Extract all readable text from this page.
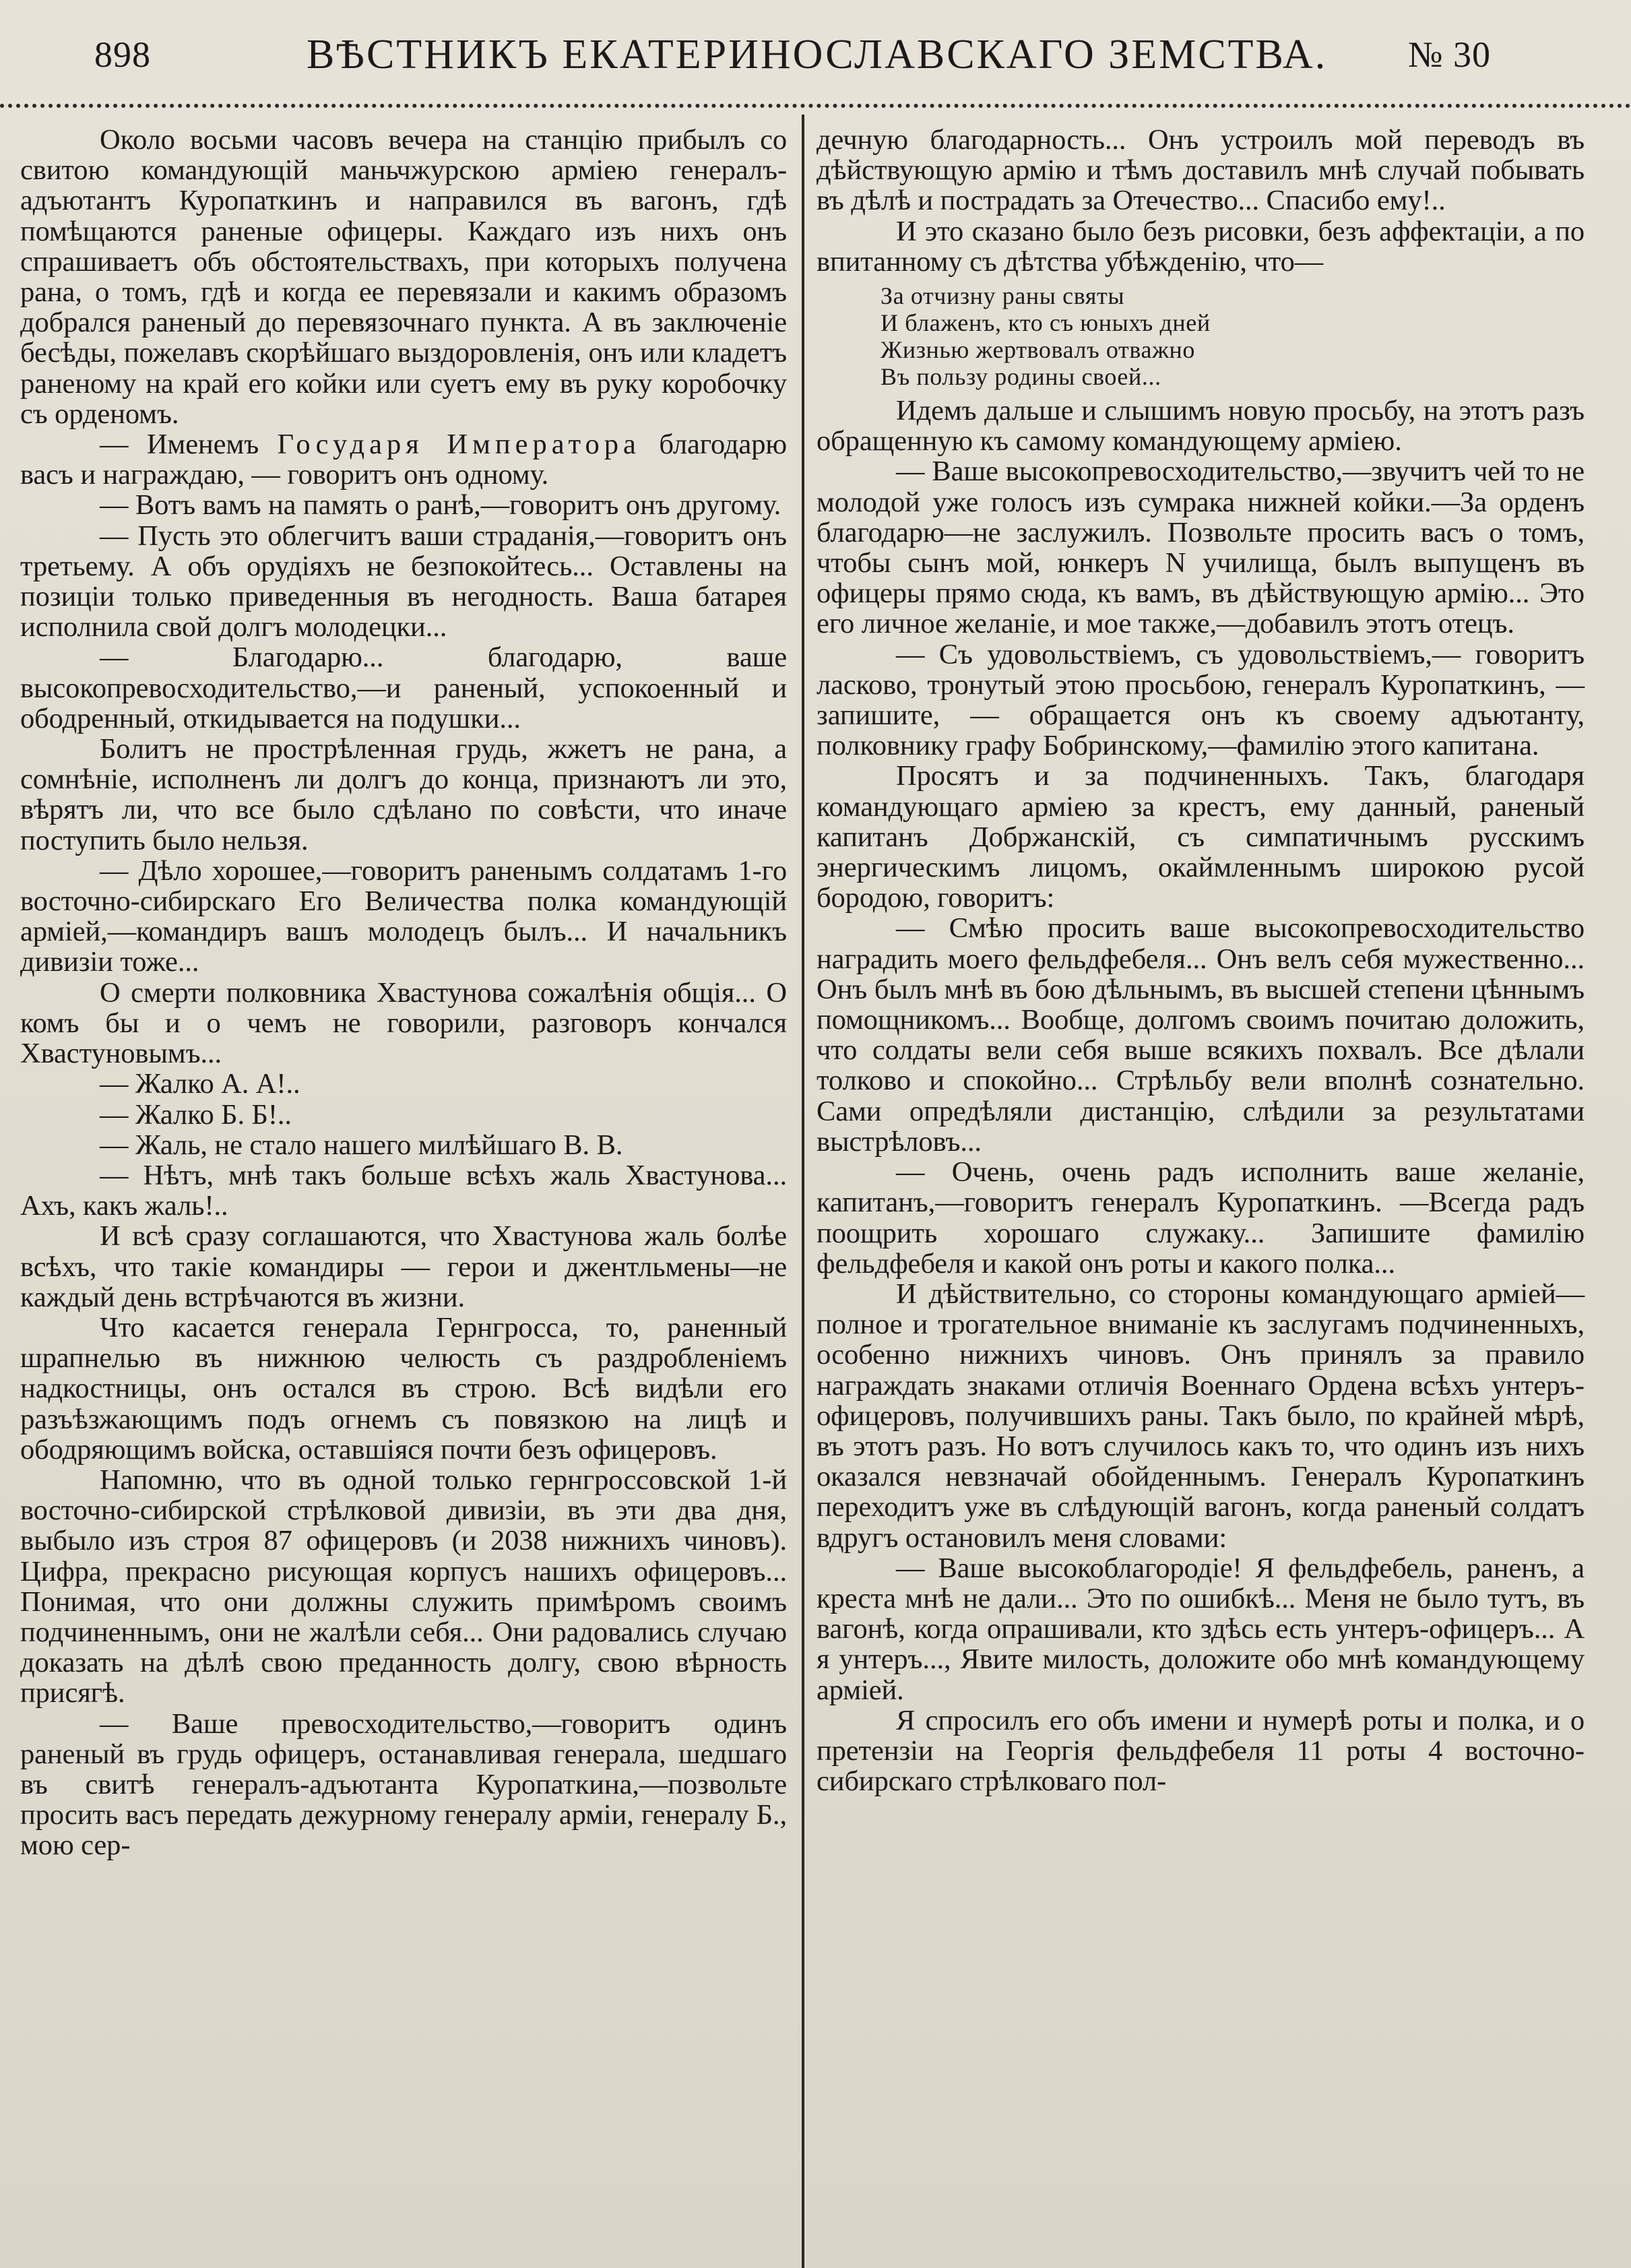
898	ВѢСТНИКЪ ЕКАТЕРИНОСЛАВСКАГО ЗЕМСТВА. № 30

Около восьми часовъ вечера на станцію прибылъ со свитою командующій маньчжурскою арміею генералъ-адъютантъ Куропаткинъ и направился въ вагонъ, гдѣ помѣщаются раненые офицеры. Каждаго изъ нихъ онъ спрашиваетъ объ обстоятельствахъ, при которыхъ получена рана, о томъ, гдѣ и когда ее перевязали и какимъ образомъ добрался раненый до перевязочнаго пункта. А въ заключеніе бесѣды, пожелавъ скорѣйшаго выздоровленія, онъ или кладетъ раненому на край его койки или суетъ ему въ руку коробочку съ орденомъ.

— Именемъ Государя Императора благодарю васъ и награждаю, — говоритъ онъ одному.

— Вотъ вамъ на память о ранѣ,—говоритъ онъ другому.

— Пусть это облегчитъ ваши страданія,—говоритъ онъ третьему. А объ орудіяхъ не безпокойтесь... Оставлены на позиціи только приведенныя въ негодность. Ваша батарея исполнила свой долгъ молодецки...

— Благодарю... благодарю, ваше высокопревосходительство,—и раненый, успокоенный и ободренный, откидывается на подушки...

Болитъ не прострѣленная грудь, жжетъ не рана, а сомнѣніе, исполненъ ли долгъ до конца, признаютъ ли это, вѣрятъ ли, что все было сдѣлано по совѣсти, что иначе поступить было нельзя.

— Дѣло хорошее,—говоритъ раненымъ солдатамъ 1-го восточно-сибирскаго Его Величества полка командующій арміей,—командиръ вашъ молодецъ былъ... И начальникъ дивизіи тоже...

О смерти полковника Хвастунова сожалѣнія общія... О комъ бы и о чемъ не говорили, разговоръ кончался Хвастуновымъ...

— Жалко А. А!..

— Жалко Б. Б!..

— Жаль, не стало нашего милѣйшаго В. В.

— Нѣтъ, мнѣ такъ больше всѣхъ жаль Хвастунова... Ахъ, какъ жаль!..

И всѣ сразу соглашаются, что Хвастунова жаль болѣе всѣхъ, что такіе командиры — герои и джентльмены—не каждый день встрѣчаются въ жизни.

Что касается генерала Гернгросса, то, раненный шрапнелью въ нижнюю челюсть съ раздробленіемъ надкостницы, онъ остался въ строю. Всѣ видѣли его разъѣзжающимъ подъ огнемъ съ повязкою на лицѣ и ободряющимъ войска, оставшіяся почти безъ офицеровъ.

Напомню, что въ одной только гернгроссовской 1-й восточно-сибирской стрѣлковой дивизіи, въ эти два дня, выбыло изъ строя 87 офицеровъ (и 2038 нижнихъ чиновъ). Цифра, прекрасно рисующая корпусъ нашихъ офицеровъ... Понимая, что они должны служить примѣромъ своимъ подчиненнымъ, они не жалѣли себя... Они радовались случаю доказать на дѣлѣ свою преданность долгу, свою вѣрность присягѣ.

— Ваше превосходительство,—говоритъ одинъ раненый въ грудь офицеръ, останавливая генерала, шедшаго въ свитѣ генералъ-адъютанта Куропаткина,—позвольте просить васъ передать дежурному генералу арміи, генералу Б., мою сер-

дечную благодарность... Онъ устроилъ мой переводъ въ дѣйствующую армію и тѣмъ доставилъ мнѣ случай побывать въ дѣлѣ и пострадать за Отечество... Спасибо ему!..

И это сказано было безъ рисовки, безъ аффектаціи, а по впитанному съ дѣтства убѣжденію, что—

За отчизну раны святы
И блаженъ, кто съ юныхъ дней
Жизнью жертвовалъ отважно
Въ пользу родины своей...

Идемъ дальше и слышимъ новую просьбу, на этотъ разъ обращенную къ самому командующему арміею.

— Ваше высокопревосходительство,—звучитъ чей то не молодой уже голосъ изъ сумрака нижней койки.—За орденъ благодарю—не заслужилъ. Позвольте просить васъ о томъ, чтобы сынъ мой, юнкеръ N училища, былъ выпущенъ въ офицеры прямо сюда, къ вамъ, въ дѣйствующую армію... Это его личное желаніе, и мое также,—добавилъ этотъ отецъ.

— Съ удовольствіемъ, съ удовольствіемъ,— говоритъ ласково, тронутый этою просьбою, генералъ Куропаткинъ, — запишите, — обращается онъ къ своему адъютанту, полковнику графу Бобринскому,—фамилію этого капитана.

Просятъ и за подчиненныхъ. Такъ, благодаря командующаго арміею за крестъ, ему данный, раненый капитанъ Добржанскій, съ симпатичнымъ русскимъ энергическимъ лицомъ, окаймленнымъ широкою русой бородою, говоритъ:

— Смѣю просить ваше высокопревосходительство наградить моего фельдфебеля... Онъ велъ себя мужественно... Онъ былъ мнѣ въ бою дѣльнымъ, въ высшей степени цѣннымъ помощникомъ... Вообще, долгомъ своимъ почитаю доложить, что солдаты вели себя выше всякихъ похвалъ. Все дѣлали толково и спокойно... Стрѣльбу вели вполнѣ сознательно. Сами опредѣляли дистанцію, слѣдили за результатами выстрѣловъ...

— Очень, очень радъ исполнить ваше желаніе, капитанъ,—говоритъ генералъ Куропаткинъ. —Всегда радъ поощрить хорошаго служаку... Запишите фамилію фельдфебеля и какой онъ роты и какого полка...

И дѣйствительно, со стороны командующаго арміей—полное и трогательное вниманіе къ заслугамъ подчиненныхъ, особенно нижнихъ чиновъ. Онъ принялъ за правило награждать знаками отличія Военнаго Ордена всѣхъ унтеръ-офицеровъ, получившихъ раны. Такъ было, по крайней мѣрѣ, въ этотъ разъ. Но вотъ случилось какъ то, что одинъ изъ нихъ оказался невзначай обойденнымъ. Генералъ Куропаткинъ переходитъ уже въ слѣдующій вагонъ, когда раненый солдатъ вдругъ остановилъ меня словами:

— Ваше высокоблагородіе! Я фельдфебель, раненъ, а креста мнѣ не дали... Это по ошибкѣ... Меня не было тутъ, въ вагонѣ, когда опрашивали, кто здѣсь есть унтеръ-офицеръ... А я унтеръ..., Явите милость, доложите обо мнѣ командующему арміей.

Я спросилъ его объ имени и нумерѣ роты и полка, и о претензіи на Георгія фельдфебеля 11 роты 4 восточно-сибирскаго стрѣлковаго пол-
